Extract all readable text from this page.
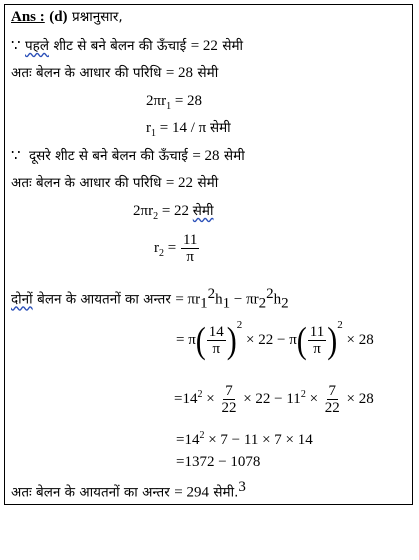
Ans : (d) प्रश्नानुसार,
∵ पहले शीट से बने बेलन की ऊँचाई = 22 सेमी
अतः बेलन के आधार की परिधि = 28 सेमी
$2\pi r_1 = 28$
$r_1 = 14 / \pi$ सेमी
∵ दूसरे शीट से बने बेलन की ऊँचाई = 28 सेमी
अतः बेलन के आधार की परिधि = 22 सेमी
$2\pi r_2 = 22$ सेमी
$r_2 = \frac{11}{\pi}$
दोनों बेलन के आयतनों का अन्तर = $\pi r_1^2h_1 - \pi r_2^2h_2$
= π ( $\frac{14}{\pi}$ ) 2
× 22 − π ( $\frac{11}{\pi}$ ) 2
× 28
$=14^2 \times \frac{7}{22} \times 22 - 11^2 \times \frac{7}{22} \times 28$
$=14^2 \times 7 - 11 \times 7 \times 14$
=1372 − 1078
अतः बेलन के आयतनों का अन्तर = 294 सेमी.$^3$
